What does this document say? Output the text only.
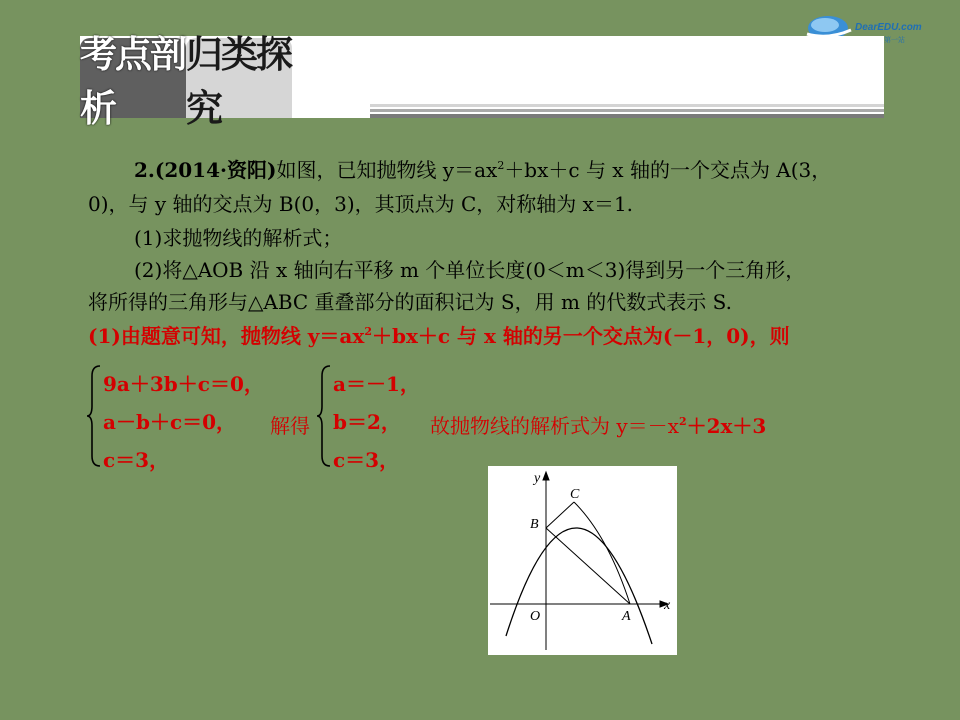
DearEDU.com
第一站
考点剖析
归类探究
2.(2014·资阳)如图，已知抛物线 $y=ax^2+bx+c$ 与 x 轴的一个交点为 A(3，
0)，与 y 轴的交点为 B(0，3)，其顶点为 C，对称轴为 x＝1.
(1)求抛物线的解析式；
(2)将△AOB 沿 x 轴向右平移 m 个单位长度(0＜m＜3)得到另一个三角形，
将所得的三角形与△ABC 重叠部分的面积记为 S，用 m 的代数式表示 S.
(1)由题意可知，抛物线 $y=ax^2+bx+c$ 与 x 轴的另一个交点为(－1，0)，则
9a＋3b＋c＝0，
a－b＋c＝0，
c＝3，
解得
a＝－1，
b＝2，
c＝3，
故抛物线的解析式为 $y=-x^2+2x+3$
y
x
O	A
B
C
